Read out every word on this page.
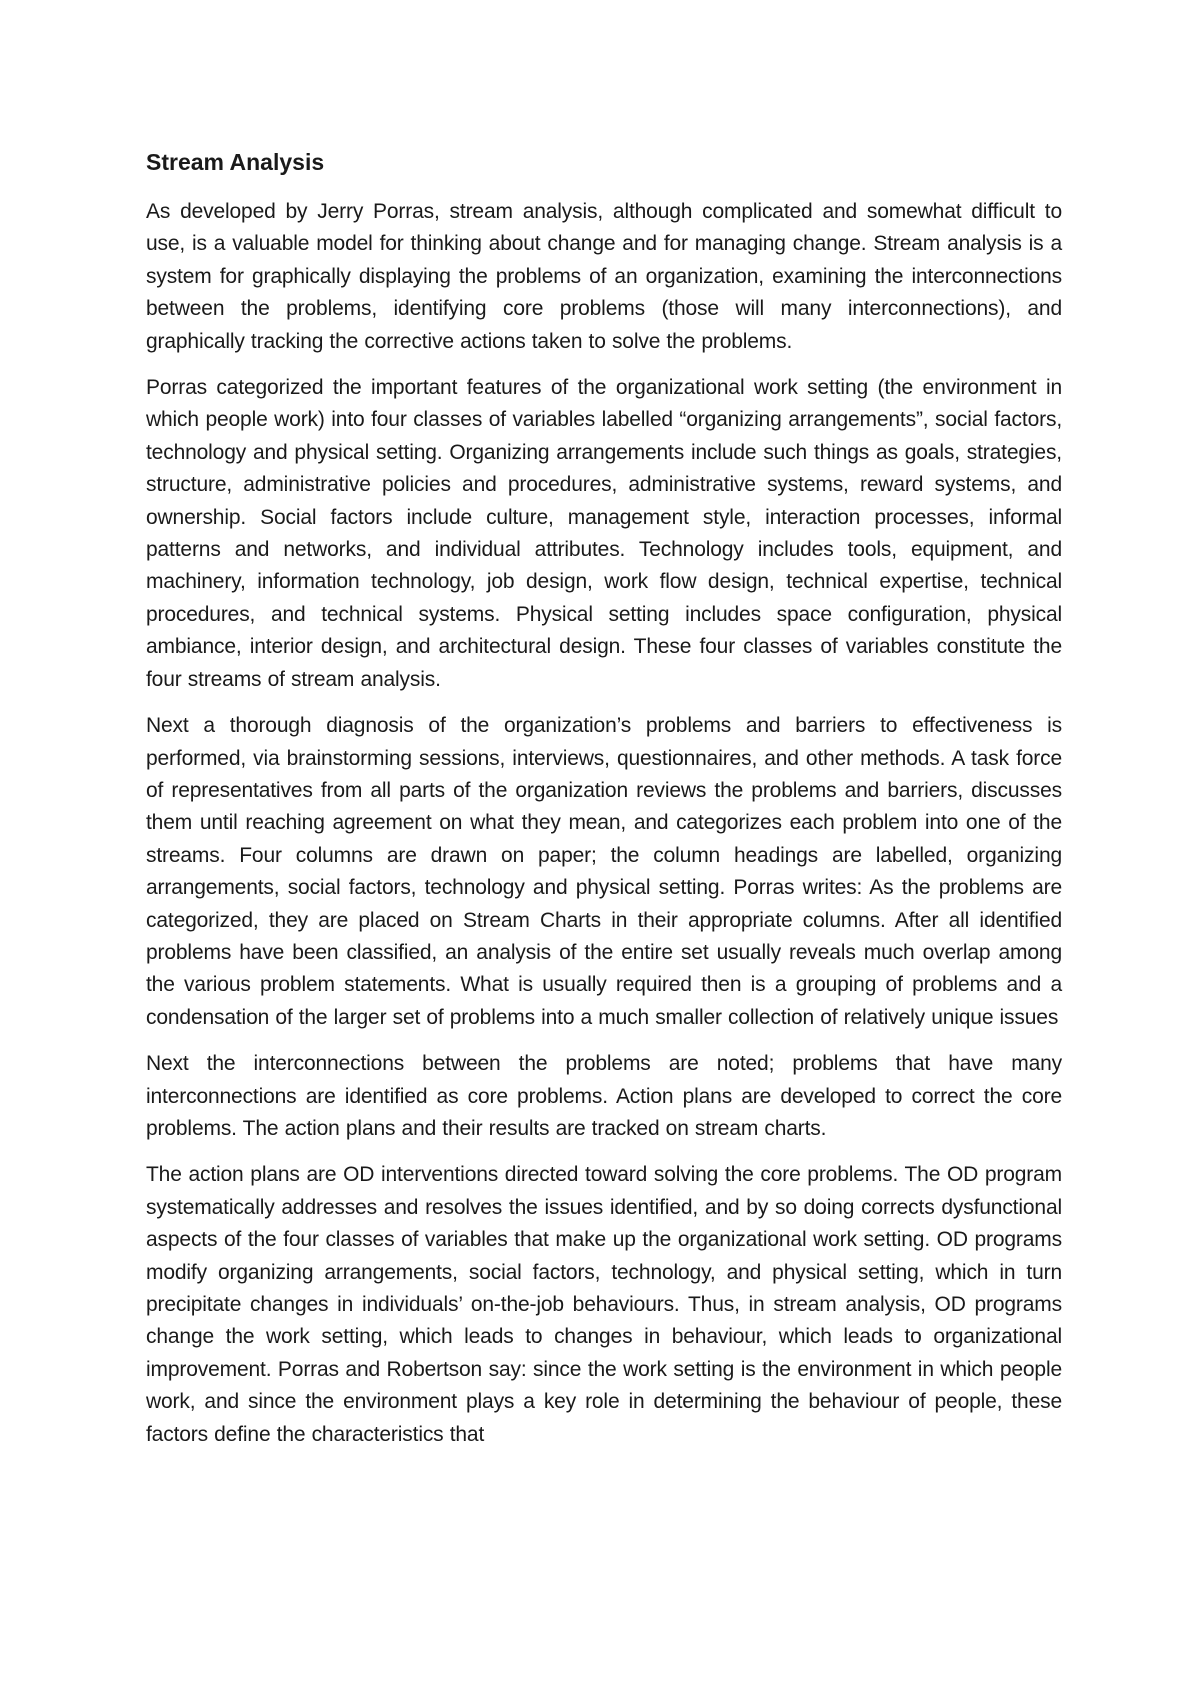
Stream Analysis

As developed by Jerry Porras, stream analysis, although complicated and somewhat difficult to use, is a valuable model for thinking about change and for managing change. Stream analysis is a system for graphically displaying the problems of an organization, examining the interconnections between the problems, identifying core problems (those will many interconnections), and graphically tracking the corrective actions taken to solve the problems.

Porras categorized the important features of the organizational work setting (the environment in which people work) into four classes of variables labelled “organizing arrangements”, social factors, technology and physical setting. Organizing arrangements include such things as goals, strategies, structure, administrative policies and procedures, administrative systems, reward systems, and ownership. Social factors include culture, management style, interaction processes, informal patterns and networks, and individual attributes. Technology includes tools, equipment, and machinery, information technology, job design, work flow design, technical expertise, technical procedures, and technical systems. Physical setting includes space configuration, physical ambiance, interior design, and architectural design. These four classes of variables constitute the four streams of stream analysis.

Next a thorough diagnosis of the organization’s problems and barriers to effectiveness is performed, via brainstorming sessions, interviews, questionnaires, and other methods. A task force of representatives from all parts of the organization reviews the problems and barriers, discusses them until reaching agreement on what they mean, and categorizes each problem into one of the streams. Four columns are drawn on paper; the column headings are labelled, organizing arrangements, social factors, technology and physical setting. Porras writes: As the problems are categorized, they are placed on Stream Charts in their appropriate columns. After all identified problems have been classified, an analysis of the entire set usually reveals much overlap among the various problem statements. What is usually required then is a grouping of problems and a condensation of the larger set of problems into a much smaller collection of relatively unique issues

Next the interconnections between the problems are noted; problems that have many interconnections are identified as core problems. Action plans are developed to correct the core problems. The action plans and their results are tracked on stream charts.

The action plans are OD interventions directed toward solving the core problems. The OD program systematically addresses and resolves the issues identified, and by so doing corrects dysfunctional aspects of the four classes of variables that make up the organizational work setting. OD programs modify organizing arrangements, social factors, technology, and physical setting, which in turn precipitate changes in individuals’ on-the-job behaviours. Thus, in stream analysis, OD programs change the work setting, which leads to changes in behaviour, which leads to organizational improvement. Porras and Robertson say: since the work setting is the environment in which people work, and since the environment plays a key role in determining the behaviour of people, these factors define the characteristics that
